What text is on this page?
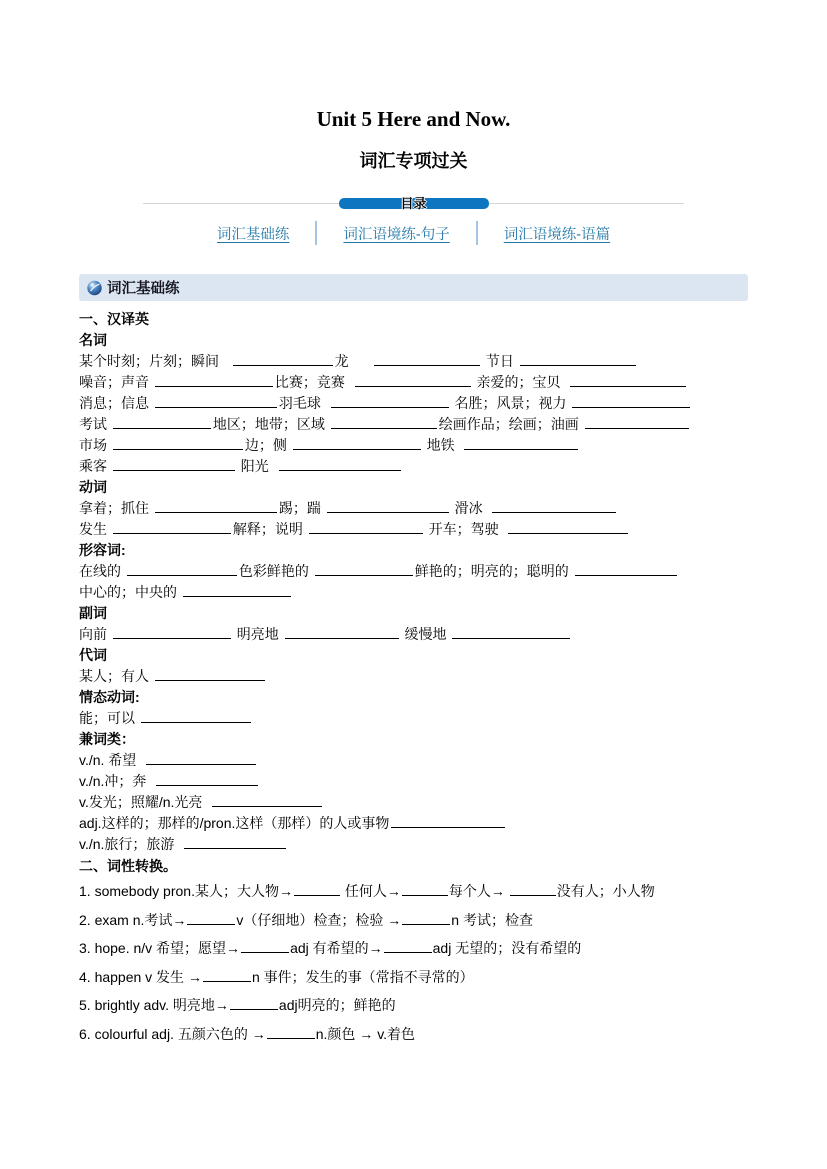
Unit 5 Here and Now.
词汇专项过关
目录
词汇基础练	词汇语境练-句子	词汇语境练-语篇
词汇基础练
一、汉译英
名词
某个时刻；片刻；瞬间	龙	节日
噪音；声音	比赛；竞赛	亲爱的；宝贝
消息；信息	羽毛球	名胜；风景；视力
考试	地区；地带；区域	绘画作品；绘画；油画
市场	边；侧	地铁
乘客	阳光
动词
拿着；抓住	踢；踹	滑冰
发生	解释；说明	开车；驾驶
形容词:
在线的	色彩鲜艳的	鲜艳的；明亮的；聪明的
中心的；中央的
副词
向前	明亮地	缓慢地
代词
某人；有人
情态动词:
能；可以
兼词类：
v./n. 希望
v./n.冲；奔
v.发光；照耀/n.光亮
adj.这样的；那样的/pron.这样（那样）的人或事物
v./n.旅行；旅游
二、词性转换。
1. somebody pron.某人；大人物→	任何人→	每个人→	没有人；小人物
2. exam n.考试→	v（仔细地）检查；检验 →	n 考试；检查
3. hope. n/v 希望；愿望→	adj 有希望的→	adj 无望的；没有希望的
4. happen v 发生 →	n 事件；发生的事（常指不寻常的）
5. brightly adv. 明亮地→	adj明亮的；鲜艳的
6. colourful adj. 五颜六色的 →	n.颜色 → v.着色
